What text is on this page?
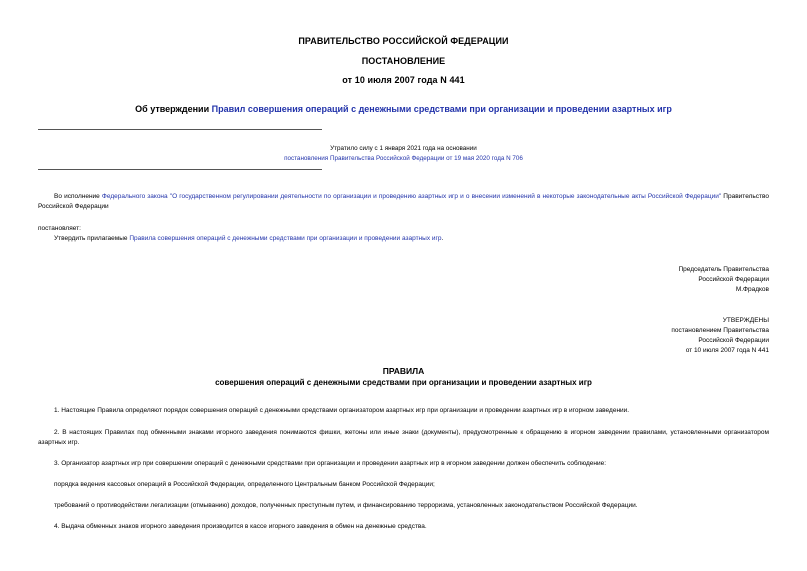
ПРАВИТЕЛЬСТВО РОССИЙСКОЙ ФЕДЕРАЦИИ
ПОСТАНОВЛЕНИЕ
от 10 июля 2007 года N 441
Об утверждении Правил совершения операций с денежными средствами при организации и проведении азартных игр
Утратило силу с 1 января 2021 года на основании
постановления Правительства Российской Федерации от 19 мая 2020 года N 706
Во исполнение Федерального закона "О государственном регулировании деятельности по организации и проведению азартных игр и о внесении изменений в некоторые законодательные акты Российской Федерации" Правительство Российской Федерации
постановляет:
Утвердить прилагаемые Правила совершения операций с денежными средствами при организации и проведении азартных игр.
Председатель Правительства
Российской Федерации
М.Фрадков
УТВЕРЖДЕНЫ
постановлением Правительства
Российской Федерации
от 10 июля 2007 года N 441
ПРАВИЛА
совершения операций с денежными средствами при организации и проведении азартных игр
1. Настоящие Правила определяют порядок совершения операций с денежными средствами организатором азартных игр при организации и проведении азартных игр в игорном заведении.
2. В настоящих Правилах под обменными знаками игорного заведения понимаются фишки, жетоны или иные знаки (документы), предусмотренные к обращению в игорном заведении правилами, установленными организатором азартных игр.
3. Организатор азартных игр при совершении операций с денежными средствами при организации и проведении азартных игр в игорном заведении должен обеспечить соблюдение:
порядка ведения кассовых операций в Российской Федерации, определенного Центральным банком Российской Федерации;
требований о противодействии легализации (отмыванию) доходов, полученных преступным путем, и финансированию терроризма, установленных законодательством Российской Федерации.
4. Выдача обменных знаков игорного заведения производится в кассе игорного заведения в обмен на денежные средства.
